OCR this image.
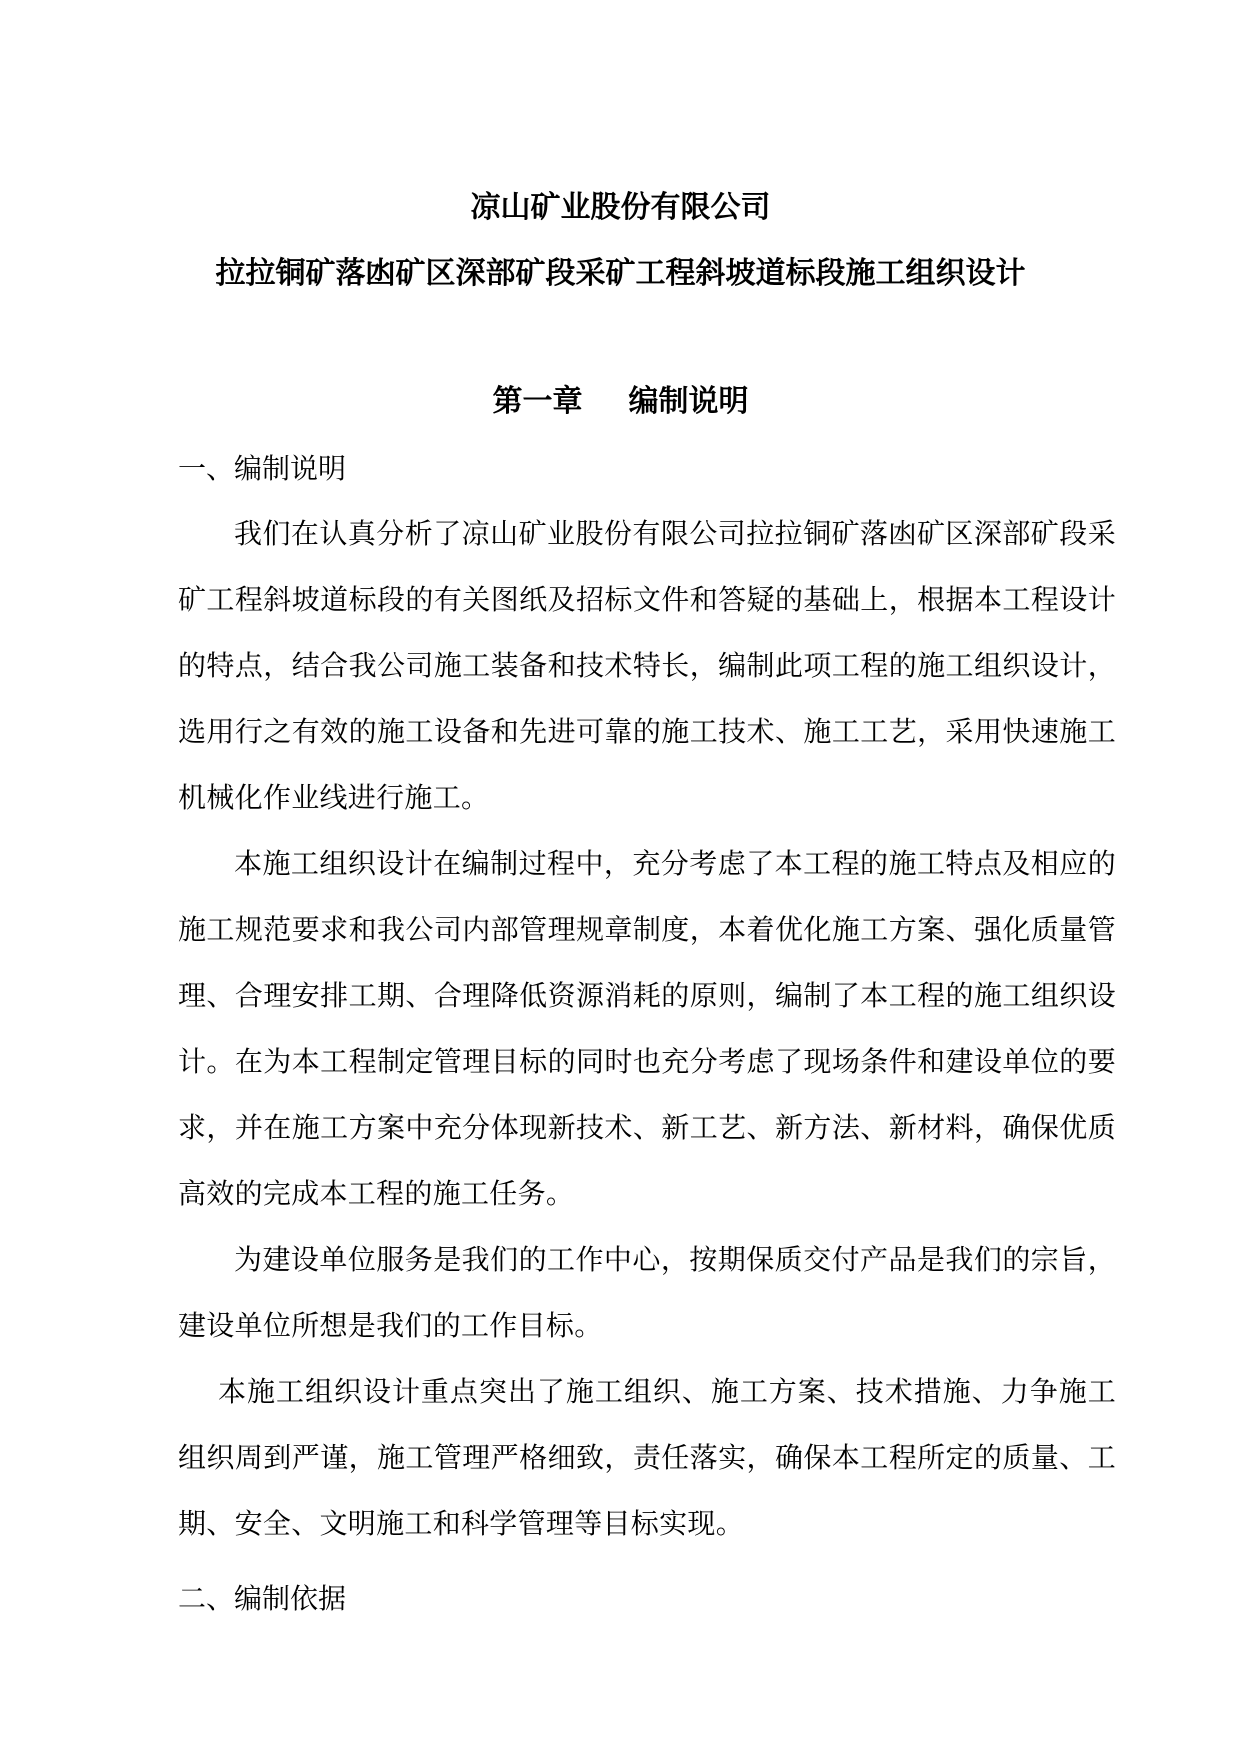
凉山矿业股份有限公司
拉拉铜矿落凼矿区深部矿段采矿工程斜坡道标段施工组织设计
第一章 编制说明
一、编制说明

我们在认真分析了凉山矿业股份有限公司拉拉铜矿落凼矿区深部矿段采矿工程斜坡道标段的有关图纸及招标文件和答疑的基础上，根据本工程设计的特点，结合我公司施工装备和技术特长，编制此项工程的施工组织设计，选用行之有效的施工设备和先进可靠的施工技术、施工工艺，采用快速施工机械化作业线进行施工。

本施工组织设计在编制过程中，充分考虑了本工程的施工特点及相应的施工规范要求和我公司内部管理规章制度，本着优化施工方案、强化质量管理、合理安排工期、合理降低资源消耗的原则，编制了本工程的施工组织设计。在为本工程制定管理目标的同时也充分考虑了现场条件和建设单位的要求，并在施工方案中充分体现新技术、新工艺、新方法、新材料，确保优质高效的完成本工程的施工任务。

为建设单位服务是我们的工作中心，按期保质交付产品是我们的宗旨，建设单位所想是我们的工作目标。

本施工组织设计重点突出了施工组织、施工方案、技术措施、力争施工组织周到严谨，施工管理严格细致，责任落实，确保本工程所定的质量、工期、安全、文明施工和科学管理等目标实现。

二、编制依据
